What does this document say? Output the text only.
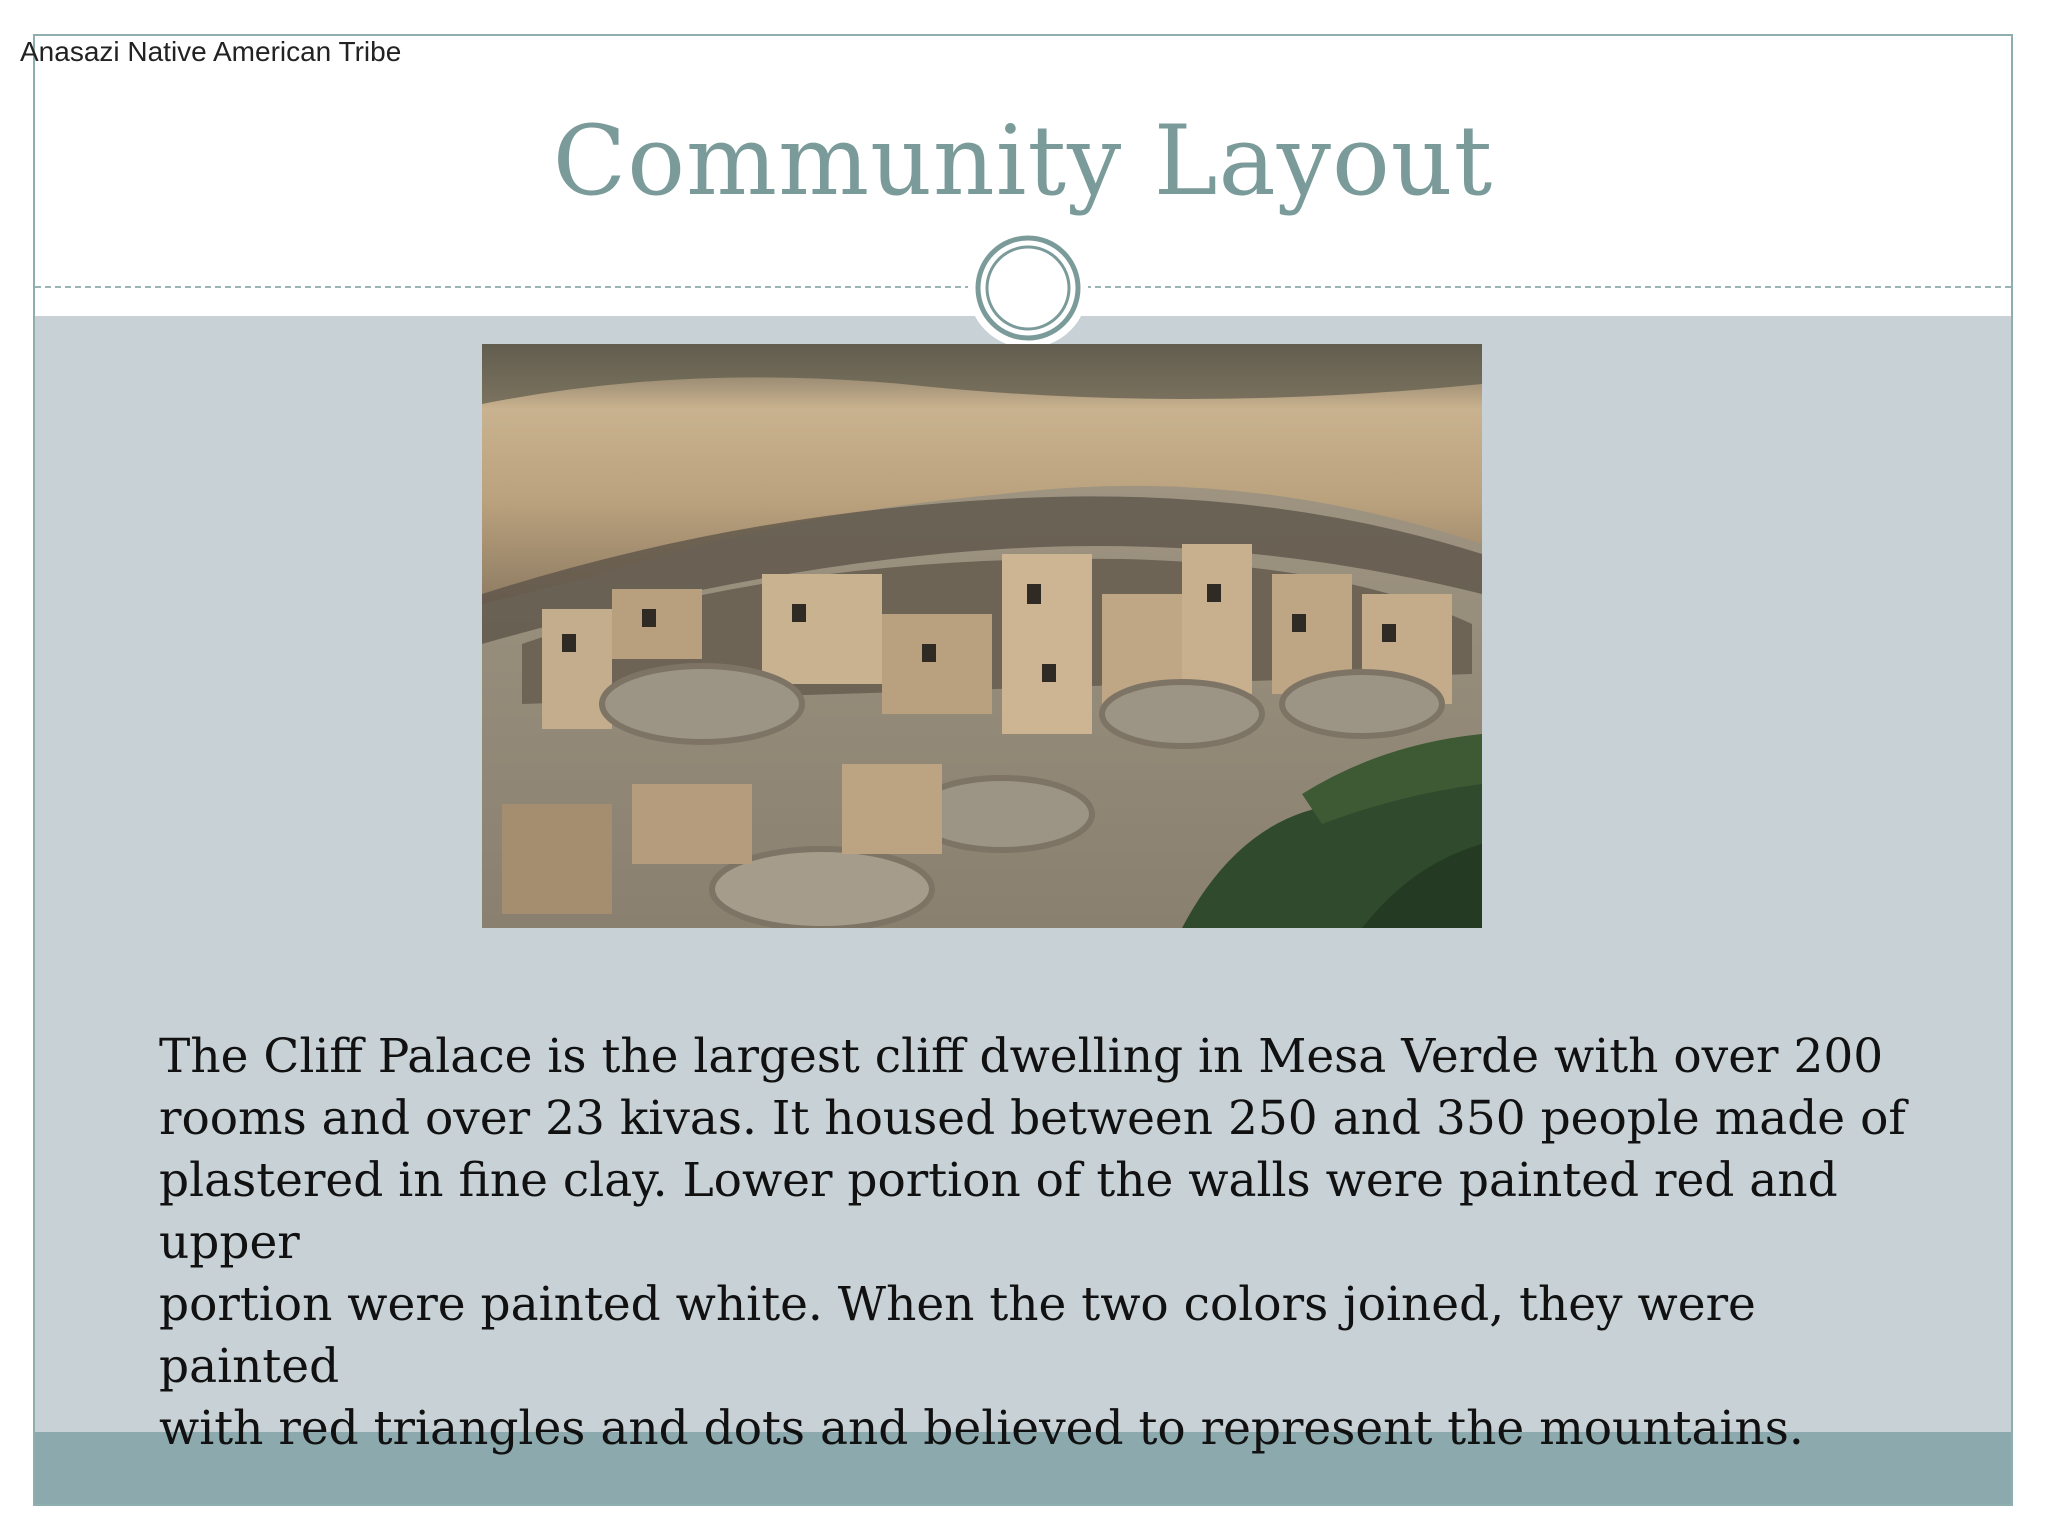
Community Layout

The Cliff Palace is the largest cliff dwelling in Mesa Verde with over 200
rooms and over 23 kivas. It housed between 250 and 350 people made of
plastered in fine clay. Lower portion of the walls were painted red and upper
portion were painted white. When the two colors joined, they were painted
with red triangles and dots and believed to represent the mountains.

Anasazi Native American Tribe
